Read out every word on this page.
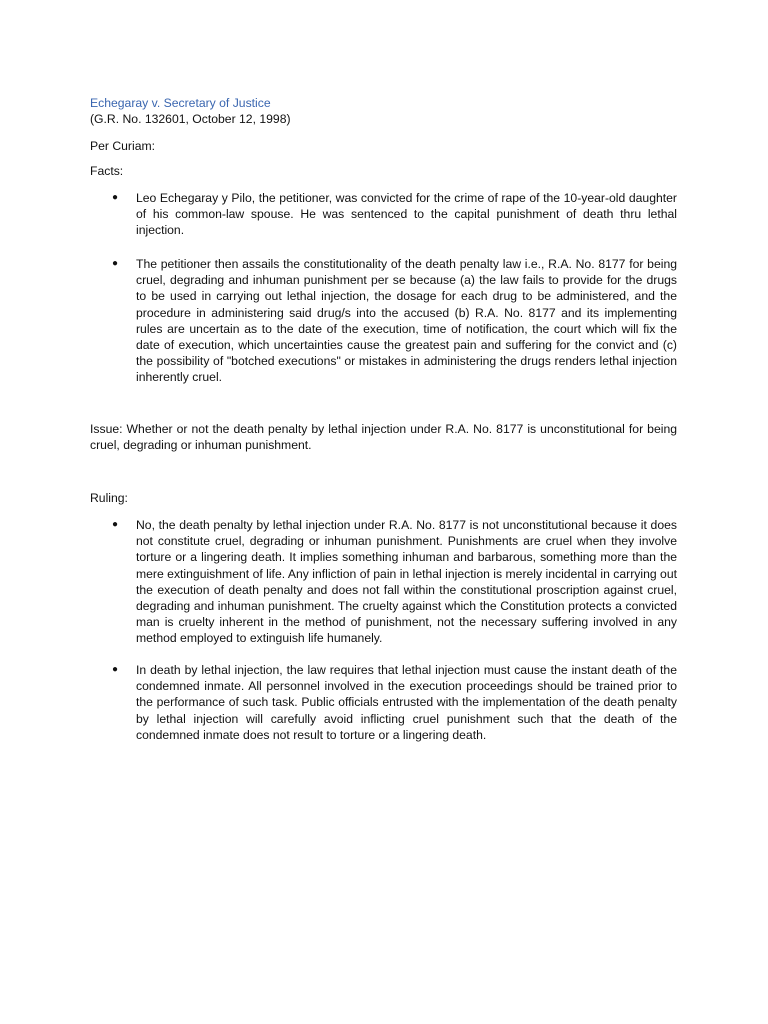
Echegaray v. Secretary of Justice

(G.R. No. 132601, October 12, 1998)

Per Curiam:

Facts:

● Leo Echegaray y Pilo, the petitioner, was convicted for the crime of rape of the 10-year-old daughter of his common-law spouse. He was sentenced to the capital punishment of death thru lethal injection.

● The petitioner then assails the constitutionality of the death penalty law i.e., R.A. No. 8177 for being cruel, degrading and inhuman punishment per se because (a) the law fails to provide for the drugs to be used in carrying out lethal injection, the dosage for each drug to be administered, and the procedure in administering said drug/s into the accused (b) R.A. No. 8177 and its implementing rules are uncertain as to the date of the execution, time of notification, the court which will fix the date of execution, which uncertainties cause the greatest pain and suffering for the convict and (c) the possibility of "botched executions" or mistakes in administering the drugs renders lethal injection inherently cruel.

Issue: Whether or not the death penalty by lethal injection under R.A. No. 8177 is unconstitutional for being cruel, degrading or inhuman punishment.

Ruling:

● No, the death penalty by lethal injection under R.A. No. 8177 is not unconstitutional because it does not constitute cruel, degrading or inhuman punishment. Punishments are cruel when they involve torture or a lingering death. It implies something inhuman and barbarous, something more than the mere extinguishment of life. Any infliction of pain in lethal injection is merely incidental in carrying out the execution of death penalty and does not fall within the constitutional proscription against cruel, degrading and inhuman punishment. The cruelty against which the Constitution protects a convicted man is cruelty inherent in the method of punishment, not the necessary suffering involved in any method employed to extinguish life humanely.

● In death by lethal injection, the law requires that lethal injection must cause the instant death of the condemned inmate. All personnel involved in the execution proceedings should be trained prior to the performance of such task. Public officials entrusted with the implementation of the death penalty by lethal injection will carefully avoid inflicting cruel punishment such that the death of the condemned inmate does not result to torture or a lingering death.
